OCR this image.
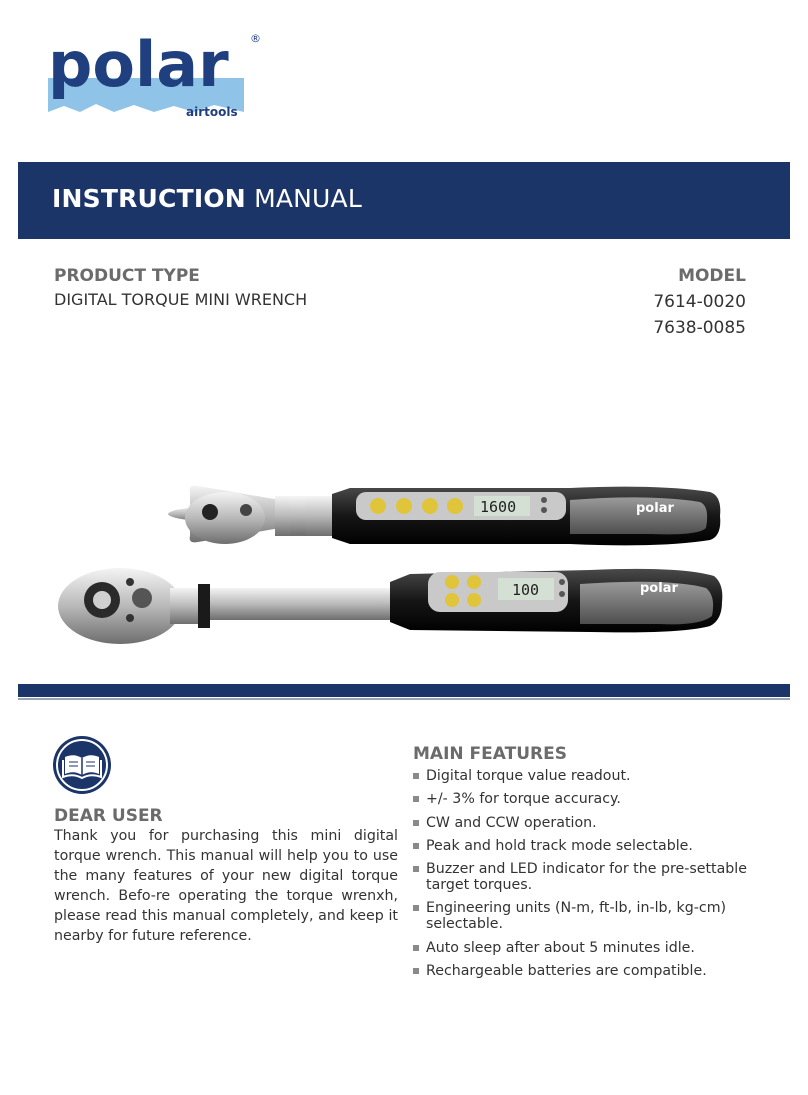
polar ®
airtools
INSTRUCTION MANUAL
PRODUCT TYPE
DIGITAL TORQUE MINI WRENCH
MODEL
7614-0020
7638-0085
1600	polar
100	polar
DEAR USER
Thank you for purchasing this mini digital torque wrench. This manual will help you to use the many features of your new digital torque wrench. Befo-re operating the torque wrenxh, please read this manual completely, and keep it nearby for future reference.
MAIN FEATURES
Digital torque value readout.
+/- 3% for torque accuracy.
CW and CCW operation.
Peak and hold track mode selectable.
Buzzer and LED indicator for the pre-settable target torques.
Engineering units (N-m, ft-lb, in-lb, kg-cm) selectable.
Auto sleep after about 5 minutes idle.
Rechargeable batteries are compatible.
